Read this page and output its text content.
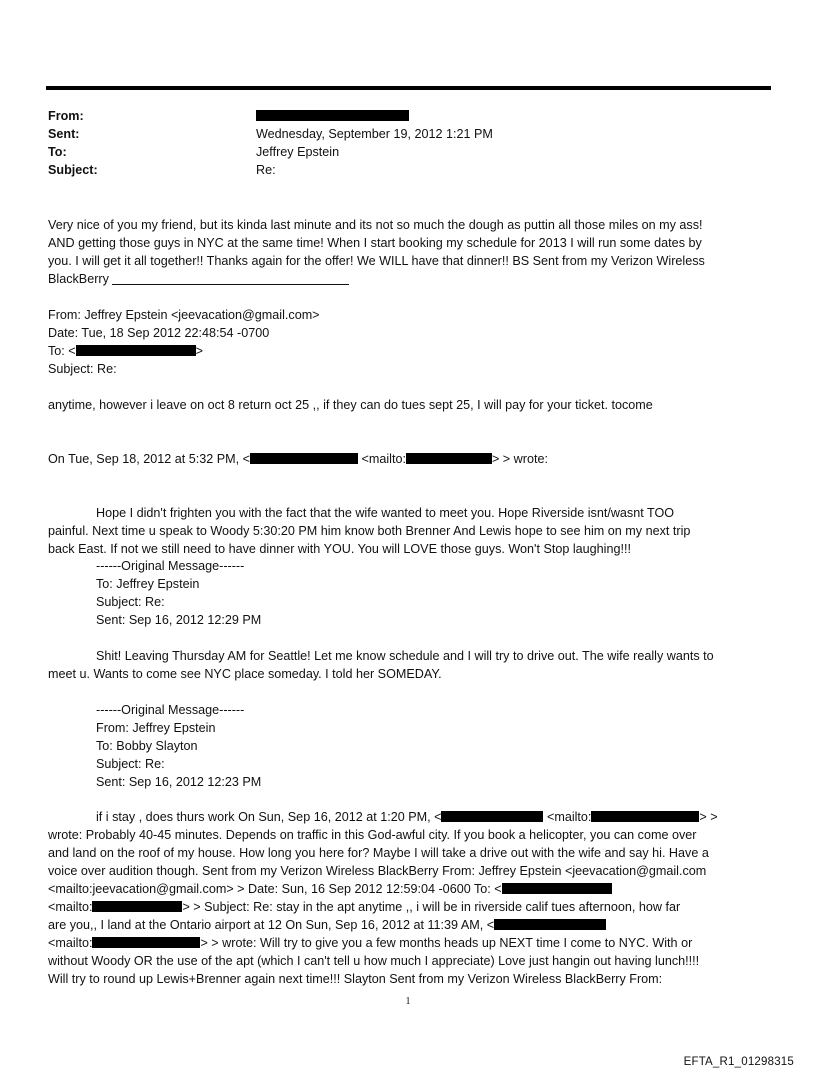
From:
Sent:	Wednesday, September 19, 2012 1:21 PM
To:	Jeffrey Epstein
Subject:	Re:
Very nice of you my friend, but its kinda last minute and its not so much the dough as puttin all those miles on my ass!
AND getting those guys in NYC at the same time! When I start booking my schedule for 2013 I will run some dates by
you. I will get it all together!! Thanks again for the offer! We WILL have that dinner!! BS Sent from my Verizon Wireless
BlackBerry
From: Jeffrey Epstein <jeevacation@gmail.com>
Date: Tue, 18 Sep 2012 22:48:54 -0700
To: <	>
Subject: Re:
anytime, however i leave on oct 8 return oct 25 ,, if they can do tues sept 25, I will pay for your ticket. tocome
On Tue, Sep 18, 2012 at 5:32 PM, <	<mailto:	> > wrote:
Hope I didn't frighten you with the fact that the wife wanted to meet you. Hope Riverside isnt/wasnt TOO
painful. Next time u speak to Woody 5:30:20 PM him know both Brenner And Lewis hope to see him on my next trip
back East. If not we still need to have dinner with YOU. You will LOVE those guys. Won't Stop laughing!!!
------Original Message------
To: Jeffrey Epstein
Subject: Re:
Sent: Sep 16, 2012 12:29 PM
Shit! Leaving Thursday AM for Seattle! Let me know schedule and I will try to drive out. The wife really wants to
meet u. Wants to come see NYC place someday. I told her SOMEDAY.
------Original Message------
From: Jeffrey Epstein
To: Bobby Slayton
Subject: Re:
Sent: Sep 16, 2012 12:23 PM
if i stay , does thurs work On Sun, Sep 16, 2012 at 1:20 PM, <	<mailto:	> >
wrote: Probably 40-45 minutes. Depends on traffic in this God-awful city. If you book a helicopter, you can come over
and land on the roof of my house. How long you here for? Maybe I will take a drive out with the wife and say hi. Have a
voice over audition though. Sent from my Verizon Wireless BlackBerry From: Jeffrey Epstein <jeevacation@gmail.com
<mailto:jeevacation@gmail.com> > Date: Sun, 16 Sep 2012 12:59:04 -0600 To: <
<mailto:	> > Subject: Re: stay in the apt anytime ,, i will be in riverside calif tues afternoon, how far
are you,, I land at the Ontario airport at 12 On Sun, Sep 16, 2012 at 11:39 AM, <
<mailto:	> > wrote: Will try to give you a few months heads up NEXT time I come to NYC. With or
without Woody OR the use of the apt (which I can't tell u how much I appreciate) Love just hangin out having lunch!!!!
Will try to round up Lewis+Brenner again next time!!! Slayton Sent from my Verizon Wireless BlackBerry From:
1
EFTA_R1_01298315
